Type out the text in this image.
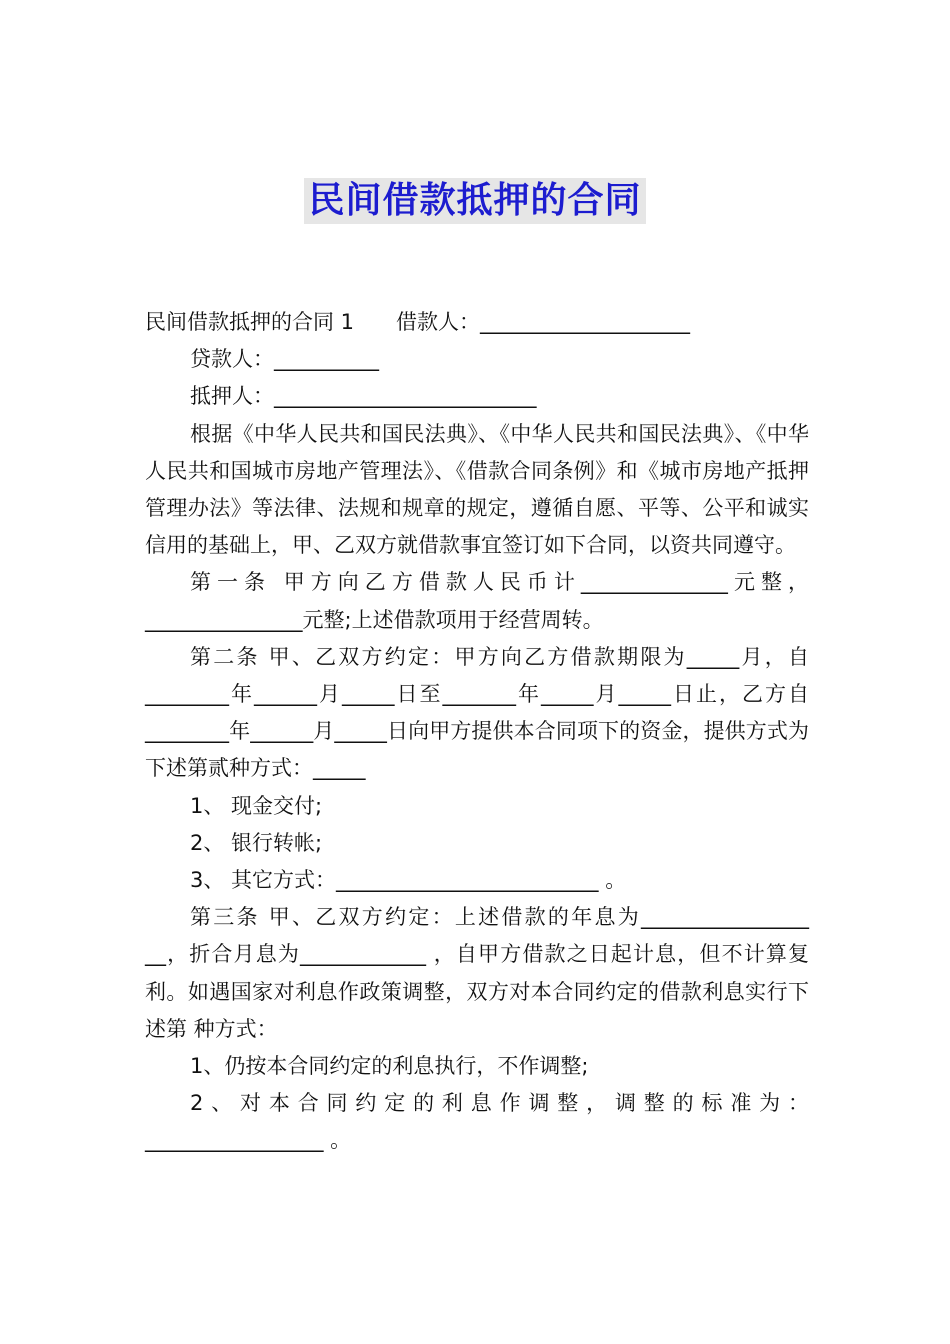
民间借款抵押的合同

民间借款抵押的合同 1　　借款人：____________________

贷款人：__________

抵押人：_________________________

根据《中华人民共和国民法典》、《中华人民共和国民法典》、《中华人民共和国城市房地产管理法》、《借款合同条例》和《城市房地产抵押管理办法》等法律、法规和规章的规定，遵循自愿、平等、公平和诚实信用的基础上，甲、乙双方就借款事宜签订如下合同，以资共同遵守。

第一条 甲方向乙方借款人民币计______________元整，_______________元整;上述借款项用于经营周转。

第二条 甲、乙双方约定：甲方向乙方借款期限为_____月，自________年______月_____日至_______年_____月_____日止，乙方自________年______月_____日向甲方提供本合同项下的资金，提供方式为下述第贰种方式：_____

1、 现金交付;

2、 银行转帐;

3、 其它方式：_________________________ 。

第三条 甲、乙双方约定：上述借款的年息为________________ __，折合月息为____________ ，自甲方借款之日起计息，但不计算复利。如遇国家对利息作政策调整，双方对本合同约定的借款利息实行下述第 种方式：

1、仍按本合同约定的利息执行，不作调整;

2、对本合同约定的利息作调整，调整的标准为：_________________ 。
